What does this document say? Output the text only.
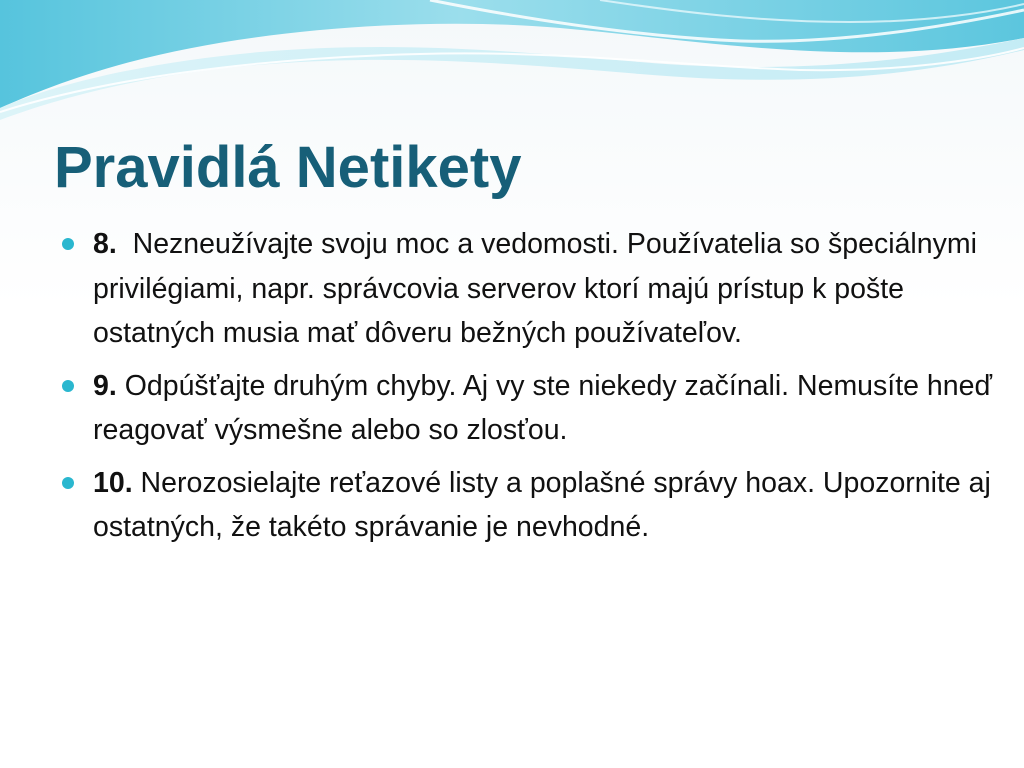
Pravidlá Netikety
8. Nezneužívajte svoju moc a vedomosti. Používatelia so špeciálnymi privilégiami, napr. správcovia serverov ktorí majú prístup k pošte ostatných musia mať dôveru bežných používateľov.
9. Odpúšťajte druhým chyby. Aj vy ste niekedy začínali. Nemusíte hneď reagovať výsmešne alebo so zlosťou.
10. Nerozosielajte reťazové listy a poplašné správy hoax. Upozornite aj ostatných, že takéto správanie je nevhodné.
